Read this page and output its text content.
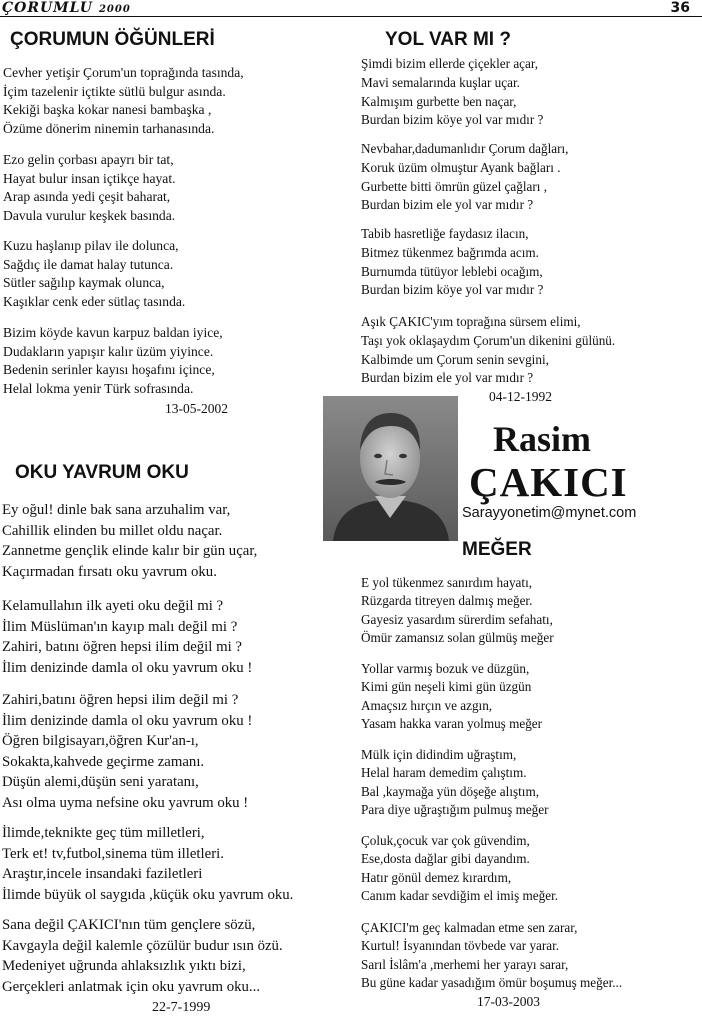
ÇORUMLU 2000	36
ÇORUMUN ÖĞÜNLERİ
Cevher yetişir Çorum'un toprağında tasında,
İçim tazelenir içtikte sütlü bulgur asında.
Kekiği başka kokar nanesi bambaşka ,
Özüme dönerim ninemin tarhanasında.
Ezo gelin çorbası apayrı bir tat,
Hayat bulur insan içtikçe hayat.
Arap asında yedi çeşit baharat,
Davula vurulur keşkek basında.
Kuzu haşlanıp pilav ile dolunca,
Sağdıç ile damat halay tutunca.
Sütler sağılıp kaymak olunca,
Kaşıklar cenk eder sütlaç tasında.
Bizim köyde kavun karpuz baldan iyice,
Dudakların yapışır kalır üzüm yiyince.
Bedenin serinler kayısı hoşafını içince,
Helal lokma yenir Türk sofrasında.
13-05-2002
YOL VAR MI ?
Şimdi bizim ellerde çiçekler açar,
Mavi semalarında kuşlar uçar.
Kalmışım gurbette ben naçar,
Burdan bizim köye yol var mıdır ?
Nevbahar,dadumanlıdır Çorum dağları,
Koruk üzüm olmuştur Ayank bağları .
Gurbette bitti ömrün güzel çağları ,
Burdan bizim ele yol var mıdır ?
Tabib hasretliğe faydasız ilacın,
Bitmez tükenmez bağrımda acım.
Burnumda tütüyor leblebi ocağım,
Burdan bizim köye yol var mıdır ?
Aşık ÇAKIC'yım toprağına sürsem elimi,
Taşı yok oklaşaydım Çorum'un dikenini gülünü.
Kalbimde um Çorum senin sevgini,
Burdan bizim ele yol var mıdır ?
04-12-1992
Rasim
ÇAKICI
Sarayyonetim@mynet.com
OKU YAVRUM OKU
Ey oğul! dinle bak sana arzuhalim var,
Cahillik elinden bu millet oldu naçar.
Zannetme gençlik elinde kalır bir gün uçar,
Kaçırmadan fırsatı oku yavrum oku.
Kelamullahın ilk ayeti oku değil mi ?
İlim Müslüman'ın kayıp malı değil mi ?
Zahiri, batını öğren hepsi ilim değil mi ?
İlim denizinde damla ol oku yavrum oku !
Zahiri,batını öğren hepsi ilim değil mi ?
İlim denizinde damla ol oku yavrum oku !
Öğren bilgisayarı,öğren Kur'an-ı,
Sokakta,kahvede geçirme zamanı.
Düşün alemi,düşün seni yaratanı,
Ası olma uyma nefsine oku yavrum oku !
İlimde,teknikte geç tüm milletleri,
Terk et! tv,futbol,sinema tüm illetleri.
Araştır,incele insandaki faziletleri
İlimde büyük ol saygıda ,küçük oku yavrum oku.
Sana değil ÇAKICI'nın tüm gençlere sözü,
Kavgayla değil kalemle çözülür budur ısın özü.
Medeniyet uğrunda ahlaksızlık yıktı bizi,
Gerçekleri anlatmak için oku yavrum oku...
22-7-1999
MEĞER
E yol tükenmez sanırdım hayatı,
Rüzgarda titreyen dalmış meğer.
Gayesiz yasardım sürerdim sefahatı,
Ömür zamansız solan gülmüş meğer
Yollar varmış bozuk ve düzgün,
Kimi gün neşeli kimi gün üzgün
Amaçsız hırçın ve azgın,
Yasam hakka varan yolmuş meğer
Mülk için didindim uğraştım,
Helal haram demedim çalıştım.
Bal ,kaymağa yün döşeğe alıştım,
Para diye uğraştığım pulmuş meğer
Çoluk,çocuk var çok güvendim,
Ese,dosta dağlar gibi dayandım.
Hatır gönül demez kırardım,
Canım kadar sevdiğim el imiş meğer.
ÇAKICI'm geç kalmadan etme sen zarar,
Kurtul! İsyanından tövbede var yarar.
Sarıl İslâm'a ,merhemi her yarayı sarar,
Bu güne kadar yasadığım ömür boşumuş meğer...
17-03-2003
